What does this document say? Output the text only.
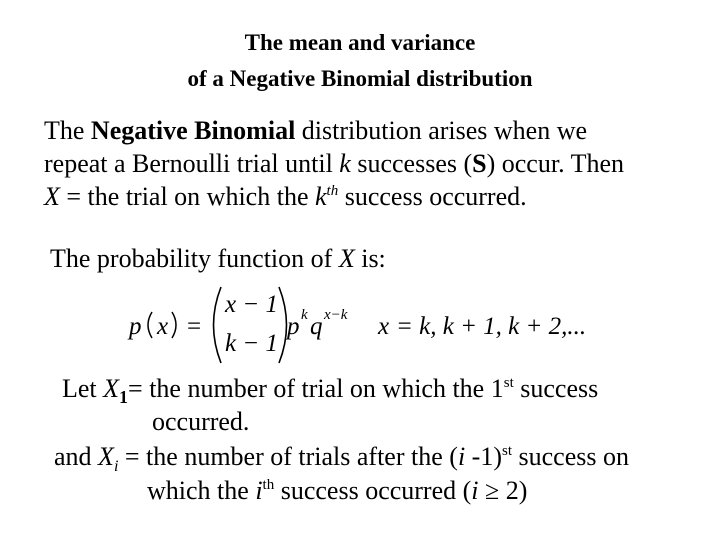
The mean and variance
of a Negative Binomial distribution
The Negative Binomial distribution arises when we
repeat a Bernoulli trial until k successes (S) occur. Then
X = the trial on which the $k^{th}$ success occurred.
The probability function of X is:
p x =
x − 1
k − 1
p k q x−k x = k, k + 1, k + 2,...
Let $X_1=$ the number of trial on which the 1st success
occurred.
and $X_i$ = the number of trials after the (i -1)$^{st}$ success on
which the $i^{th}$ success occurred (i ≥ 2)
